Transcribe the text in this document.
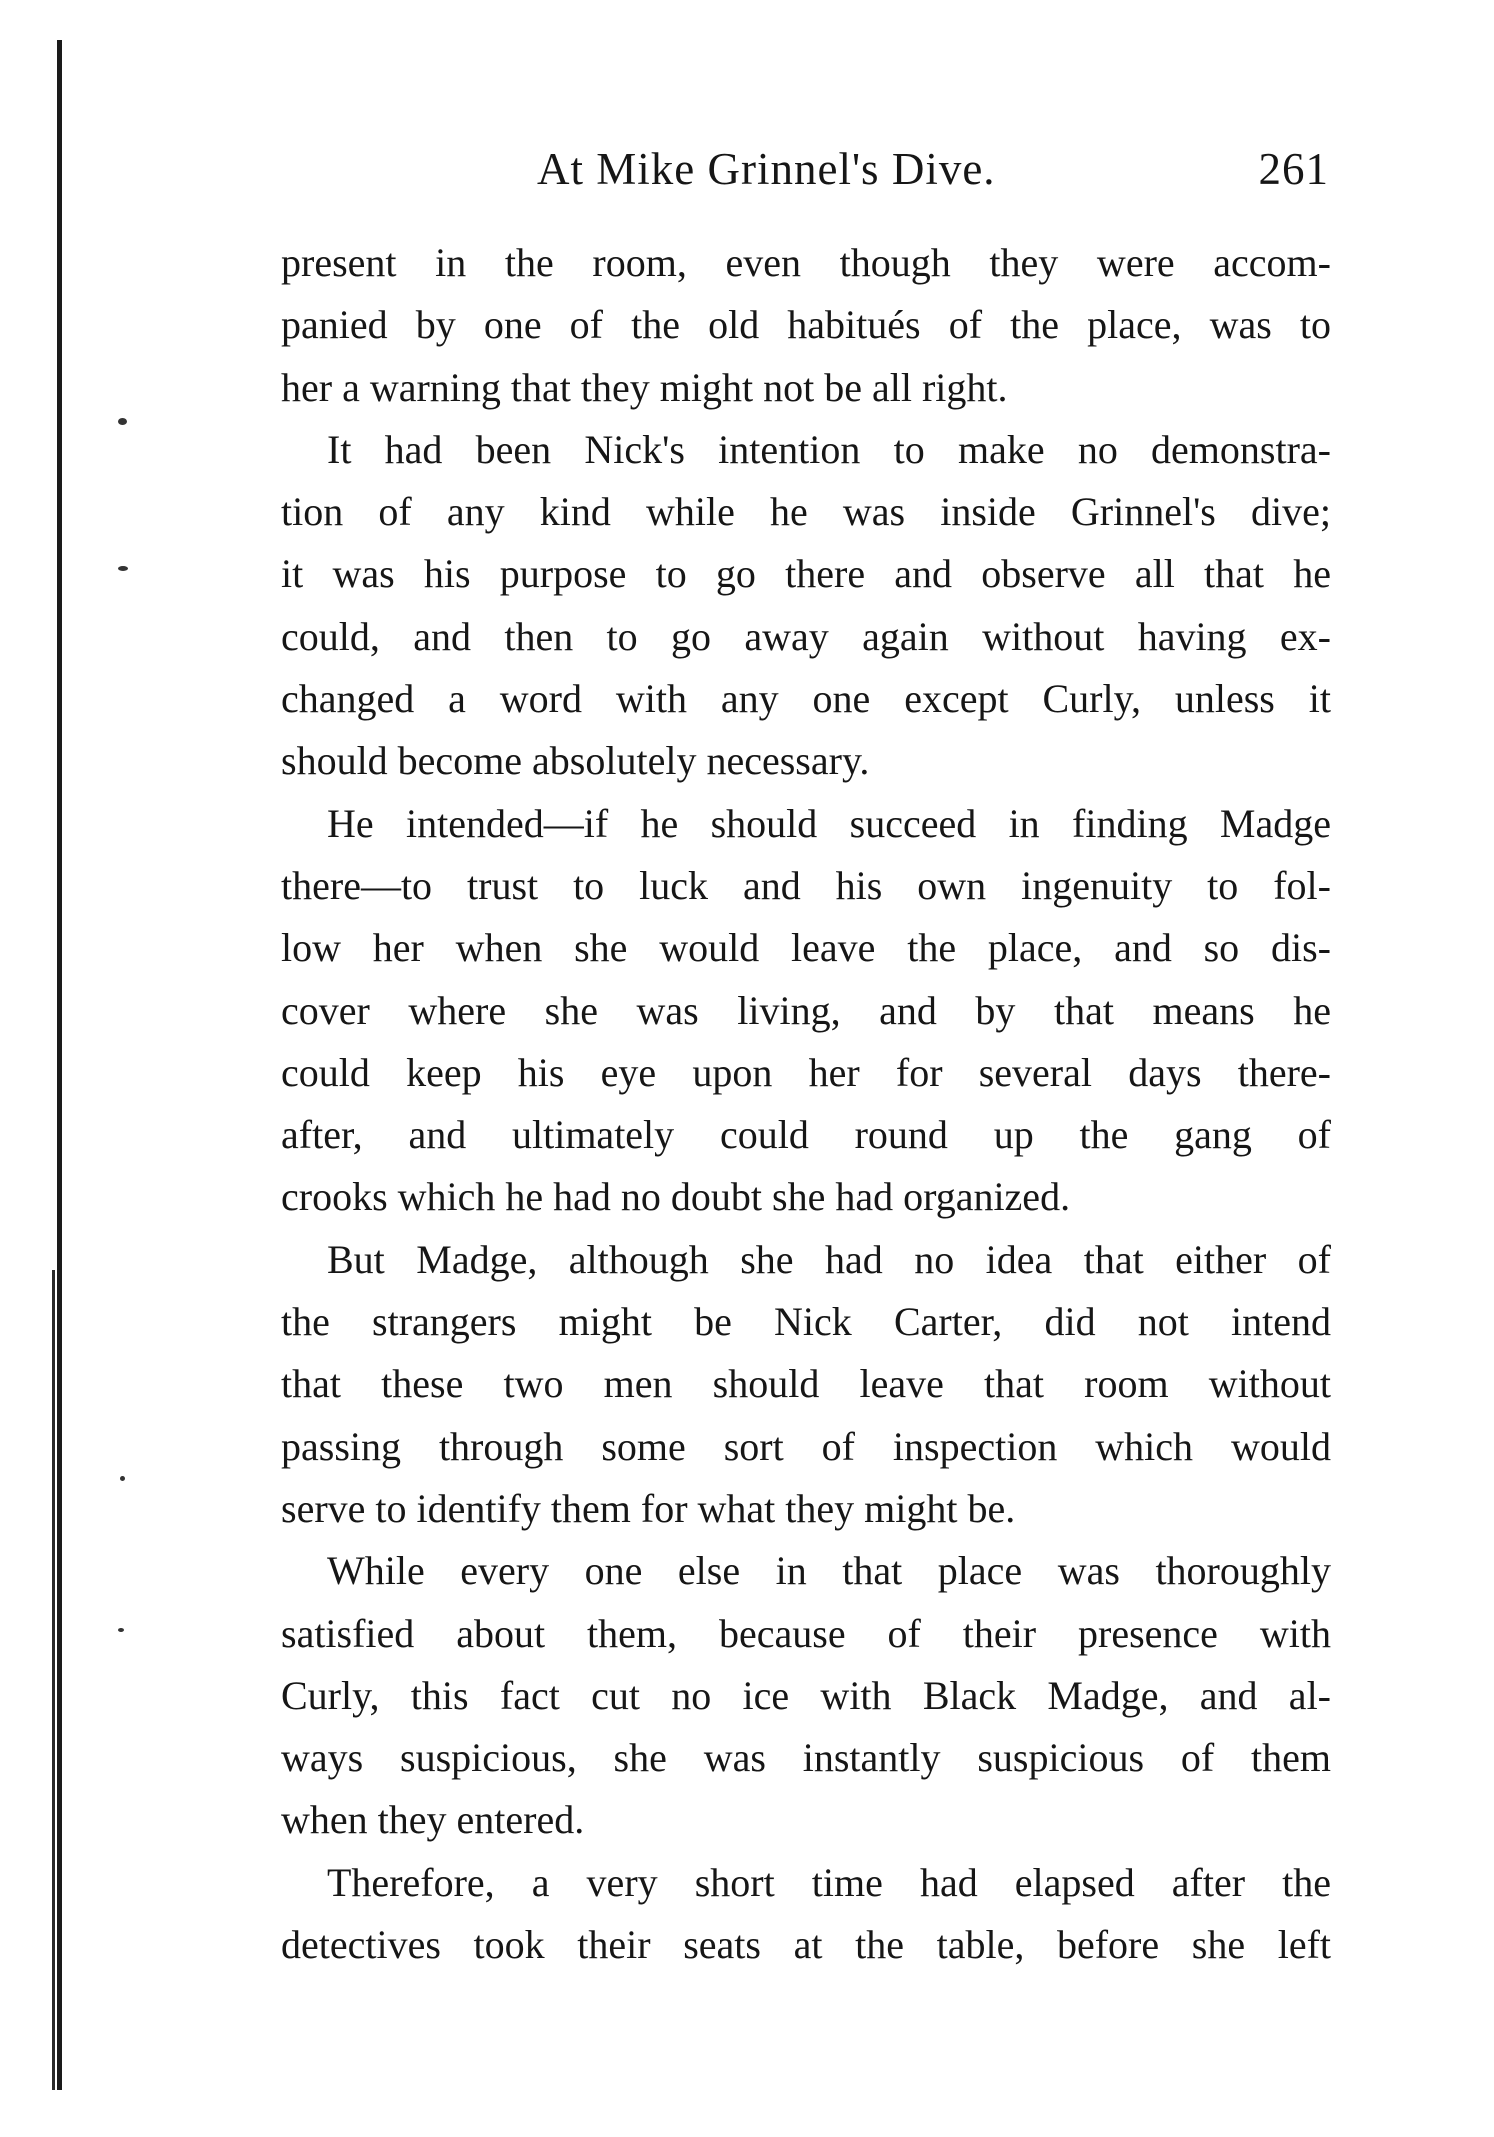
At Mike Grinnel's Dive.	261

present in the room, even though they were accom-
panied by one of the old habitués of the place, was to
her a warning that they might not be all right.

It had been Nick's intention to make no demonstra-
tion of any kind while he was inside Grinnel's dive;
it was his purpose to go there and observe all that he
could, and then to go away again without having ex-
changed a word with any one except Curly, unless it
should become absolutely necessary.

He intended—if he should succeed in finding Madge
there—to trust to luck and his own ingenuity to fol-
low her when she would leave the place, and so dis-
cover where she was living, and by that means he
could keep his eye upon her for several days there-
after, and ultimately could round up the gang of
crooks which he had no doubt she had organized.

But Madge, although she had no idea that either of
the strangers might be Nick Carter, did not intend
that these two men should leave that room without
passing through some sort of inspection which would
serve to identify them for what they might be.

While every one else in that place was thoroughly
satisfied about them, because of their presence with
Curly, this fact cut no ice with Black Madge, and al-
ways suspicious, she was instantly suspicious of them
when they entered.

Therefore, a very short time had elapsed after the
detectives took their seats at the table, before she left
